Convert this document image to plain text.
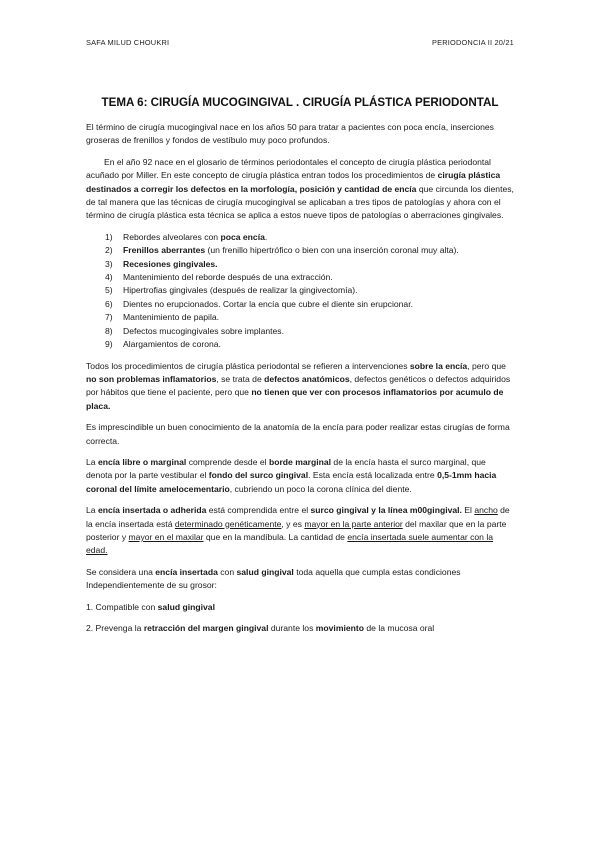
SAFA MILUD CHOUKRI	PERIODONCIA II 20/21
TEMA 6: CIRUGÍA MUCOGINGIVAL . CIRUGÍA PLÁSTICA PERIODONTAL

El término de cirugía mucogingival nace en los años 50 para tratar a pacientes con poca encía, inserciones groseras de frenillos y fondos de vestíbulo muy poco profundos.

En el año 92 nace en el glosario de términos periodontales el concepto de cirugía plástica periodontal acuñado por Miller. En este concepto de cirugía plástica entran todos los procedimientos de cirugía plástica destinados a corregir los defectos en la morfología, posición y cantidad de encía que circunda los dientes, de tal manera que las técnicas de cirugía mucogingival se aplicaban a tres tipos de patologías y ahora con el término de cirugía plástica esta técnica se aplica a estos nueve tipos de patologías o aberraciones gingivales.

1) Rebordes alveolares con poca encía.
2) Frenillos aberrantes (un frenillo hipertrófico o bien con una inserción coronal muy alta).
3) Recesiones gingivales.
4) Mantenimiento del reborde después de una extracción.
5) Hipertrofias gingivales (después de realizar la gingivectomía).
6) Dientes no erupcionados. Cortar la encía que cubre el diente sin erupcionar.
7) Mantenimiento de papila.
8) Defectos mucogingivales sobre implantes.
9) Alargamientos de corona.

Todos los procedimientos de cirugía plástica periodontal se refieren a intervenciones sobre la encía, pero que no son problemas inflamatorios, se trata de defectos anatómicos, defectos genéticos o defectos adquiridos por hábitos que tiene el paciente, pero que no tienen que ver con procesos inflamatorios por acumulo de placa.

Es imprescindible un buen conocimiento de la anatomía de la encía para poder realizar estas cirugías de forma correcta.

La encía libre o marginal comprende desde el borde marginal de la encía hasta el surco marginal, que denota por la parte vestibular el fondo del surco gingival. Esta encía está localizada entre 0,5-1mm hacia coronal del límite amelocementario, cubriendo un poco la corona clínica del diente.

La encía insertada o adherida está comprendida entre el surco gingival y la línea m00gingival. El ancho de la encía insertada está determinado genéticamente, y es mayor en la parte anterior del maxilar que en la parte posterior y mayor en el maxilar que en la mandíbula. La cantidad de encía insertada suele aumentar con la edad.

Se considera una encía insertada con salud gingival toda aquella que cumpla estas condiciones Independientemente de su grosor:

1. Compatible con salud gingival

2. Prevenga la retracción del margen gingival durante los movimiento de la mucosa oral
